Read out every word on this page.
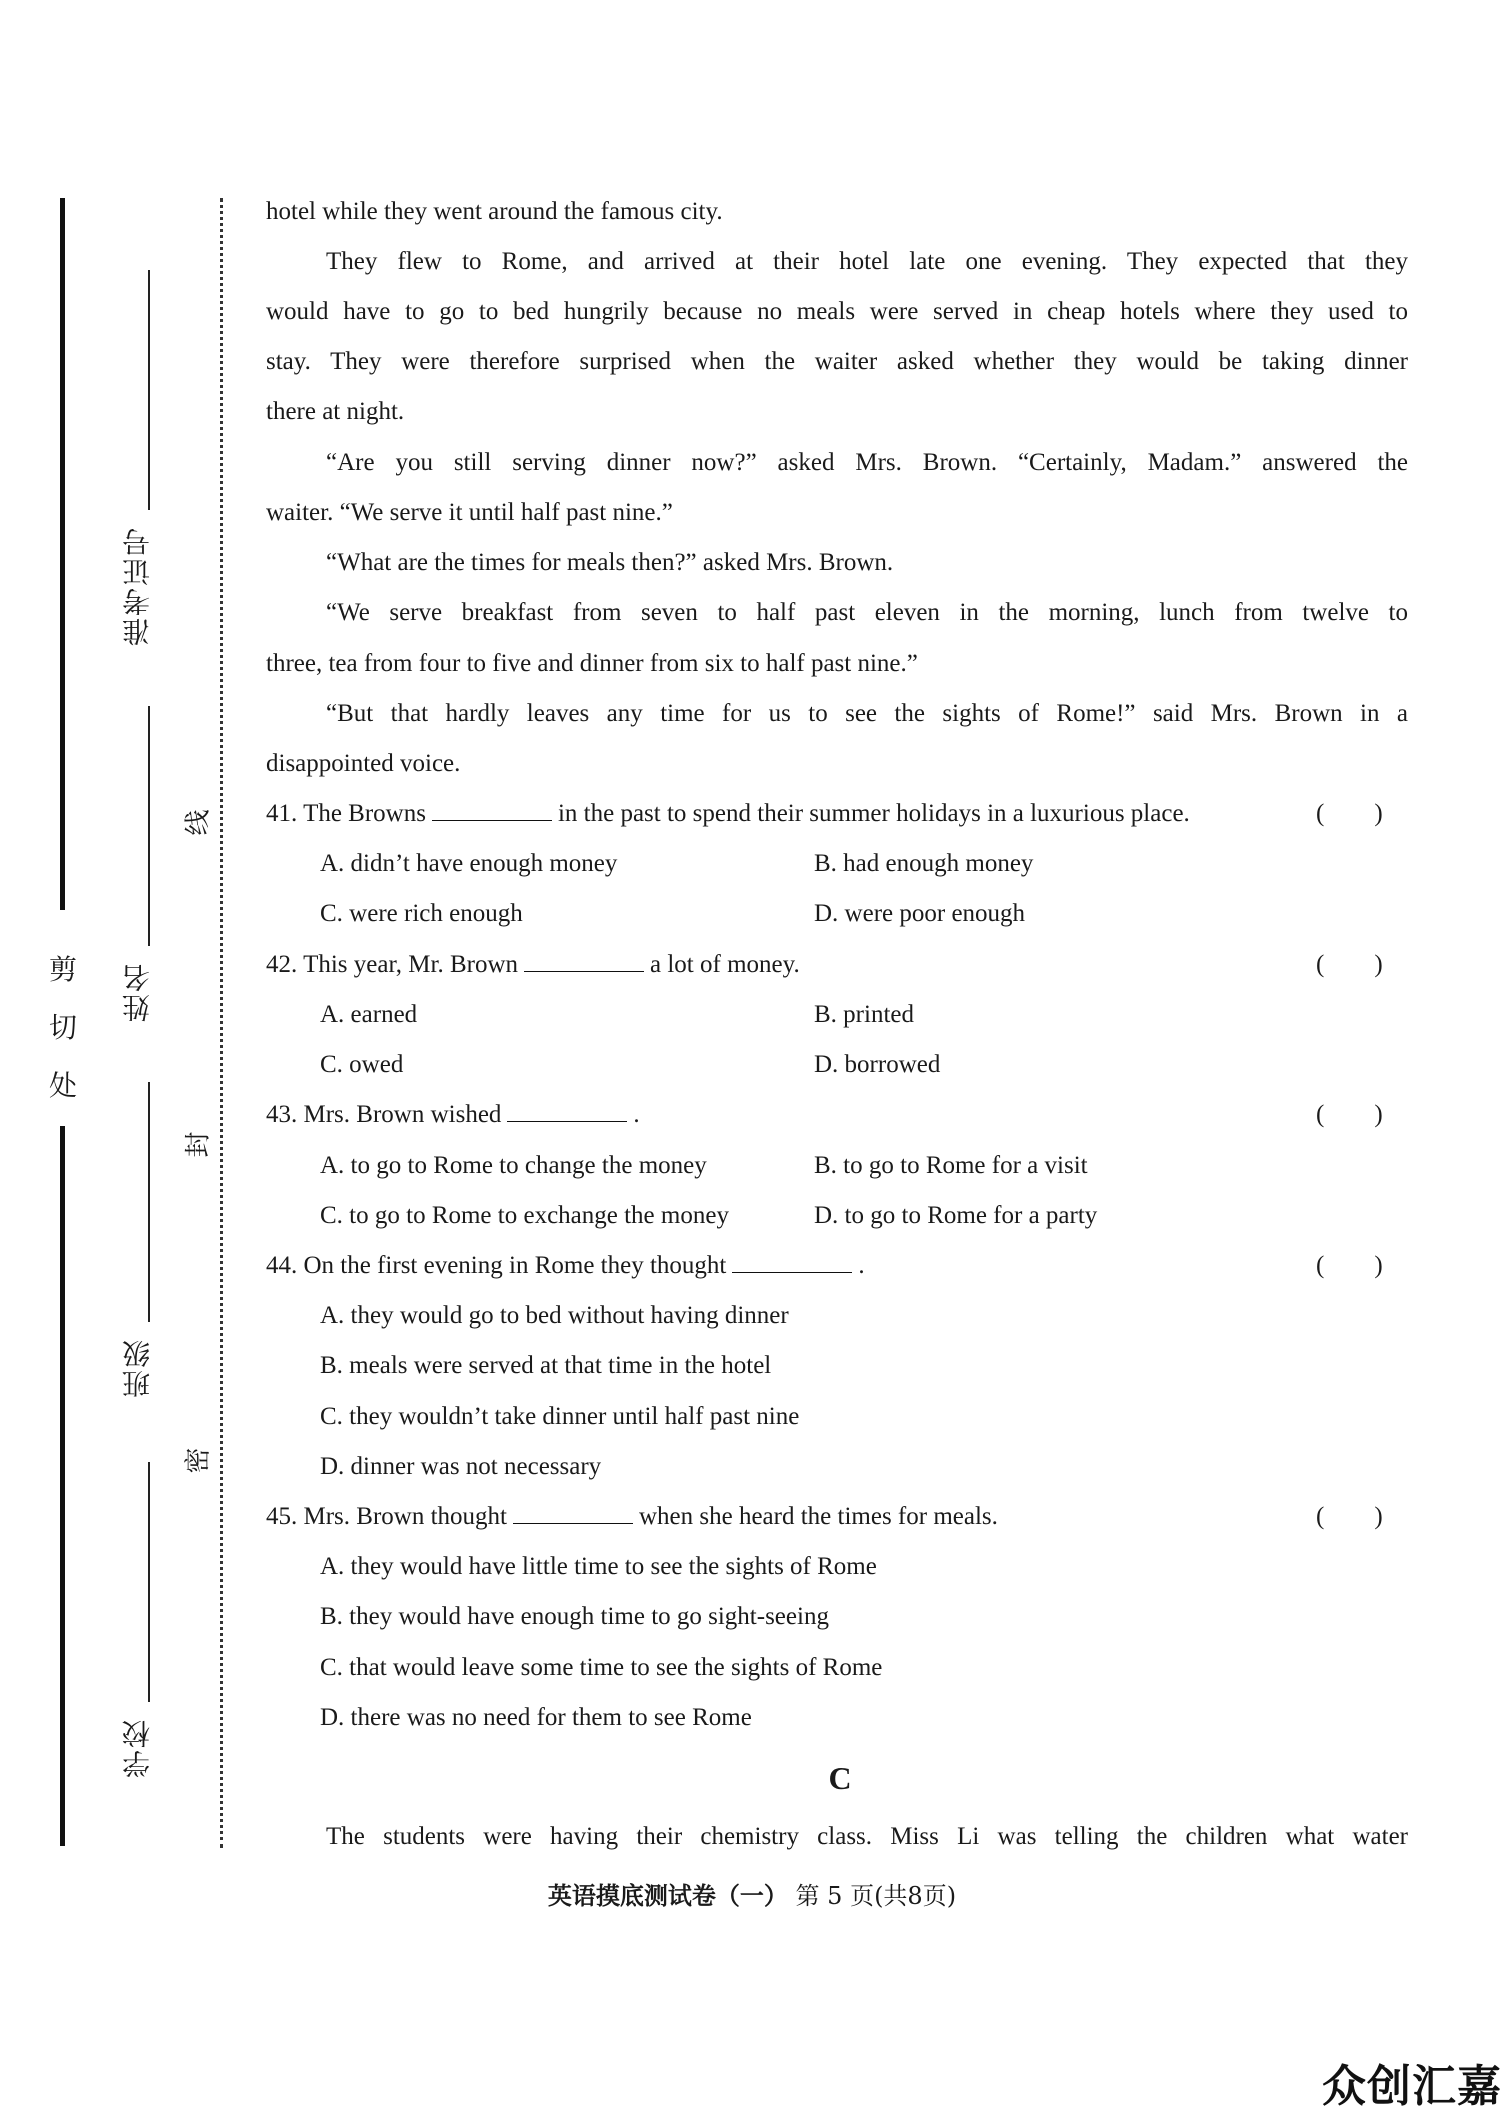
剪
切
处
准考证号
姓名
班级
学校
线
封
密
hotel while they went around the famous city.
They flew to Rome, and arrived at their hotel late one evening. They expected that they
would have to go to bed hungrily because no meals were served in cheap hotels where they used to
stay. They were therefore surprised when the waiter asked whether they would be taking dinner
there at night.
“Are you still serving dinner now?” asked Mrs. Brown. “Certainly, Madam.” answered the
waiter. “We serve it until half past nine.”
“What are the times for meals then?” asked Mrs. Brown.
“We serve breakfast from seven to half past eleven in the morning, lunch from twelve to
three, tea from four to five and dinner from six to half past nine.”
“But that hardly leaves any time for us to see the sights of Rome!” said Mrs. Brown in a
disappointed voice.
41. The Browns	in the past to spend their summer holidays in a luxurious place.	(　　)
A. didn’t have enough money	B. had enough money
C. were rich enough	D. were poor enough
42. This year, Mr. Brown	a lot of money.	(　　)
A. earned	B. printed
C. owed	D. borrowed
43. Mrs. Brown wished	.	(　　)
A. to go to Rome to change the money	B. to go to Rome for a visit
C. to go to Rome to exchange the money	D. to go to Rome for a party
44. On the first evening in Rome they thought	.	(　　)
A. they would go to bed without having dinner
B. meals were served at that time in the hotel
C. they wouldn’t take dinner until half past nine
D. dinner was not necessary
45. Mrs. Brown thought	when she heard the times for meals.	(　　)
A. they would have little time to see the sights of Rome
B. they would have enough time to go sight-seeing
C. that would leave some time to see the sights of Rome
D. there was no need for them to see Rome
C
The students were having their chemistry class. Miss Li was telling the children what water
英语摸底测试卷（一） 第 5 页(共8页)
众创汇嘉
